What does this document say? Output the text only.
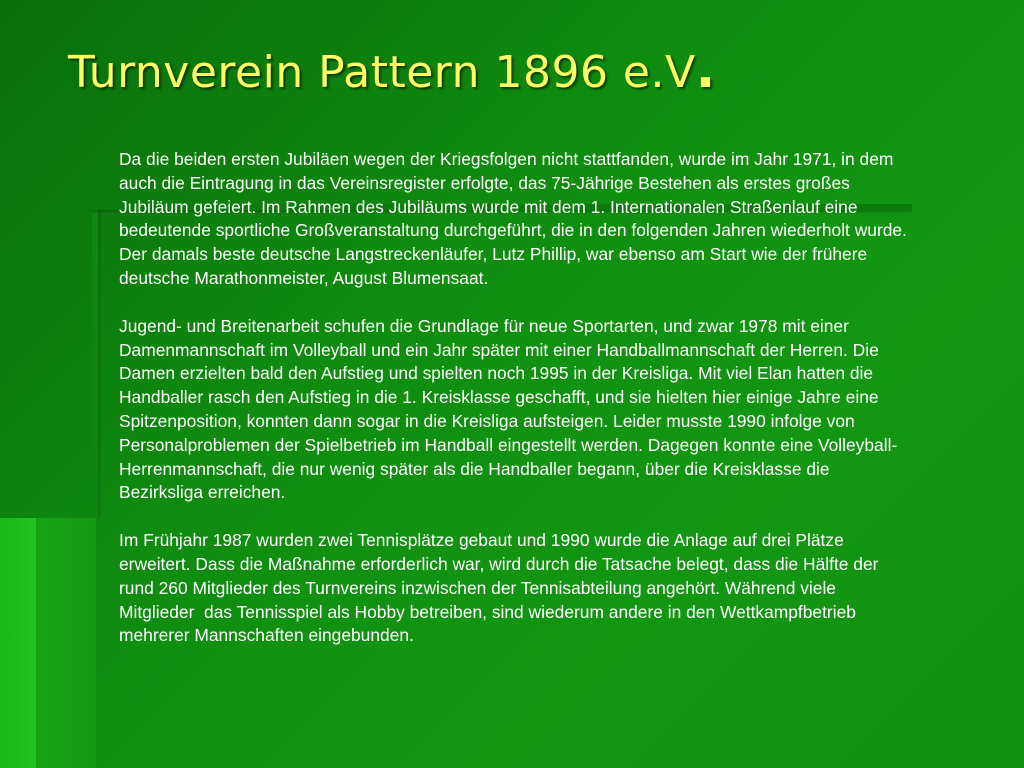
Turnverein Pattern 1896 e.V.

Da die beiden ersten Jubiläen wegen der Kriegsfolgen nicht stattfanden, wurde im Jahr 1971, in dem auch die Eintragung in das Vereinsregister erfolgte, das 75-Jährige Bestehen als erstes großes Jubiläum gefeiert. Im Rahmen des Jubiläums wurde mit dem 1. Internationalen Straßenlauf eine bedeutende sportliche Großveranstaltung durchgeführt, die in den folgenden Jahren wiederholt wurde. Der damals beste deutsche Langstreckenläufer, Lutz Phillip, war ebenso am Start wie der frühere deutsche Marathonmeister, August Blumensaat.

Jugend- und Breitenarbeit schufen die Grundlage für neue Sportarten, und zwar 1978 mit einer Damenmannschaft im Volleyball und ein Jahr später mit einer Handballmannschaft der Herren. Die Damen erzielten bald den Aufstieg und spielten noch 1995 in der Kreisliga. Mit viel Elan hatten die Handballer rasch den Aufstieg in die 1. Kreisklasse geschafft, und sie hielten hier einige Jahre eine Spitzenposition, konnten dann sogar in die Kreisliga aufsteigen. Leider musste 1990 infolge von Personalproblemen der Spielbetrieb im Handball eingestellt werden. Dagegen konnte eine Volleyball-Herrenmannschaft, die nur wenig später als die Handballer begann, über die Kreisklasse die Bezirksliga erreichen.

Im Frühjahr 1987 wurden zwei Tennisplätze gebaut und 1990 wurde die Anlage auf drei Plätze erweitert. Dass die Maßnahme erforderlich war, wird durch die Tatsache belegt, dass die Hälfte der rund 260 Mitglieder des Turnvereins inzwischen der Tennisabteilung angehört. Während viele Mitglieder  das Tennisspiel als Hobby betreiben, sind wiederum andere in den Wettkampfbetrieb mehrerer Mannschaften eingebunden.
